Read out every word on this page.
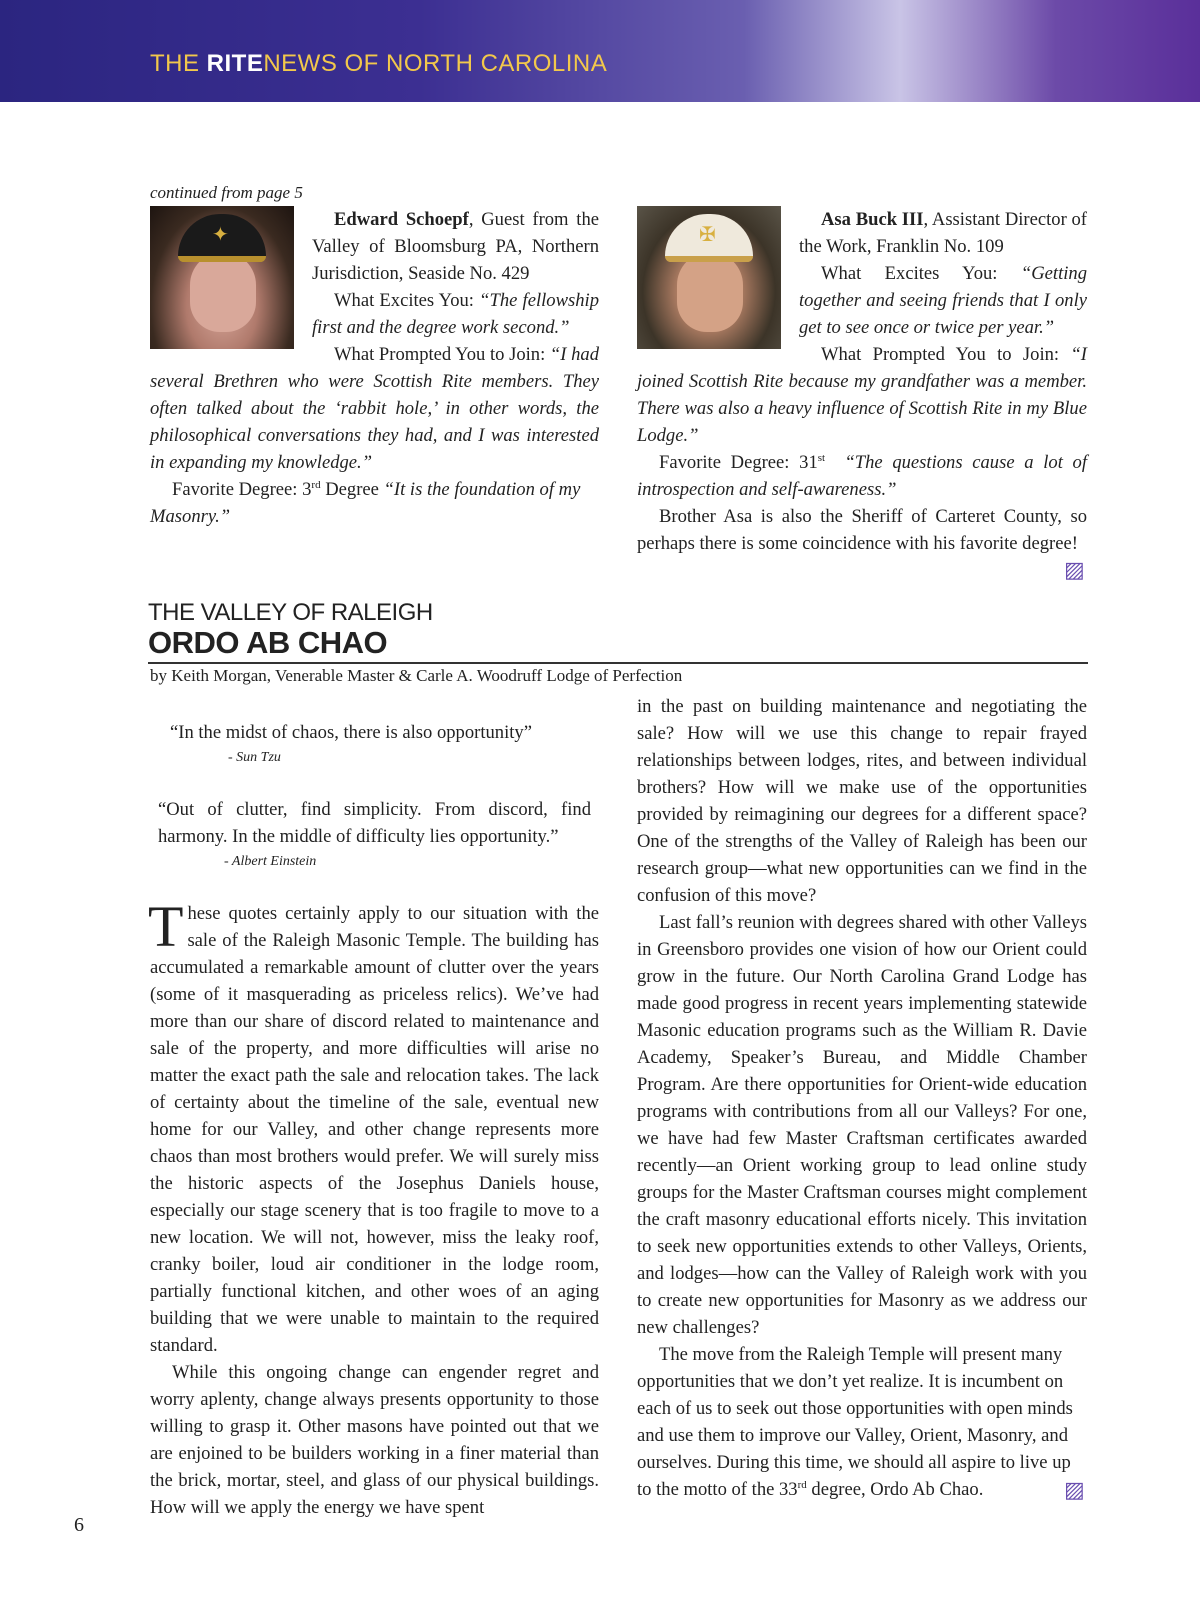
THE RITENEWS OF NORTH CAROLINA

continued from page 5

✦

Edward Schoepf, Guest from the Valley of Bloomsburg PA, Northern Jurisdiction, Seaside No. 429

What Excites You: “The fellowship first and the degree work second.”

What Prompted You to Join: “I had several Brethren who were Scottish Rite members. They often talked about the ‘rabbit hole,’ in other words, the philosophical conversations they had, and I was interested in expanding my knowledge.”

Favorite Degree: 3rd Degree “It is the foundation of my Masonry.”

✠

Asa Buck III, Assistant Director of the Work, Franklin No. 109

What Excites You: “Getting together and seeing friends that I only get to see once or twice per year.”

What Prompted You to Join: “I joined Scottish Rite because my grandfather was a member. There was also a heavy influence of Scottish Rite in my Blue Lodge.”

Favorite Degree: 31st “The questions cause a lot of introspection and self-awareness.”

Brother Asa is also the Sheriff of Carteret County, so perhaps there is some coincidence with his favorite degree!

▨
THE VALLEY OF RALEIGH
ORDO AB CHAO
by Keith Morgan, Venerable Master & Carle A. Woodruff Lodge of Perfection

“In the midst of chaos, there is also opportunity”

- Sun Tzu

“Out of clutter, find simplicity. From discord, find harmony. In the middle of difficulty lies opportunity.”

- Albert Einstein

These quotes certainly apply to our situation with the sale of the Raleigh Masonic Temple. The building has accumulated a remarkable amount of clutter over the years (some of it masquerading as priceless relics). We’ve had more than our share of discord related to maintenance and sale of the property, and more difficulties will arise no matter the exact path the sale and relocation takes. The lack of certainty about the timeline of the sale, eventual new home for our Valley, and other change represents more chaos than most brothers would prefer. We will surely miss the historic aspects of the Josephus Daniels house, especially our stage scenery that is too fragile to move to a new location. We will not, however, miss the leaky roof, cranky boiler, loud air conditioner in the lodge room, partially functional kitchen, and other woes of an aging building that we were unable to maintain to the required standard.

While this ongoing change can engender regret and worry aplenty, change always presents opportunity to those willing to grasp it. Other masons have pointed out that we are enjoined to be builders working in a finer material than the brick, mortar, steel, and glass of our physical buildings. How will we apply the energy we have spent

in the past on building maintenance and negotiating the sale? How will we use this change to repair frayed relationships between lodges, rites, and between individual brothers? How will we make use of the opportunities provided by reimagining our degrees for a different space? One of the strengths of the Valley of Raleigh has been our research group—what new opportunities can we find in the confusion of this move?

Last fall’s reunion with degrees shared with other Valleys in Greensboro provides one vision of how our Orient could grow in the future. Our North Carolina Grand Lodge has made good progress in recent years implementing statewide Masonic education programs such as the William R. Davie Academy, Speaker’s Bureau, and Middle Chamber Program. Are there opportunities for Orient-wide education programs with contributions from all our Valleys? For one, we have had few Master Craftsman certificates awarded recently—an Orient working group to lead online study groups for the Master Craftsman courses might complement the craft masonry educational efforts nicely. This invitation to seek new opportunities extends to other Valleys, Orients, and lodges—how can the Valley of Raleigh work with you to create new opportunities for Masonry as we address our new challenges?

The move from the Raleigh Temple will present many opportunities that we don’t yet realize. It is incumbent on each of us to seek out those opportunities with open minds and use them to improve our Valley, Orient, Masonry, and ourselves. During this time, we should all aspire to live up to the motto of the 33rd degree, Ordo Ab Chao.	▨
6
